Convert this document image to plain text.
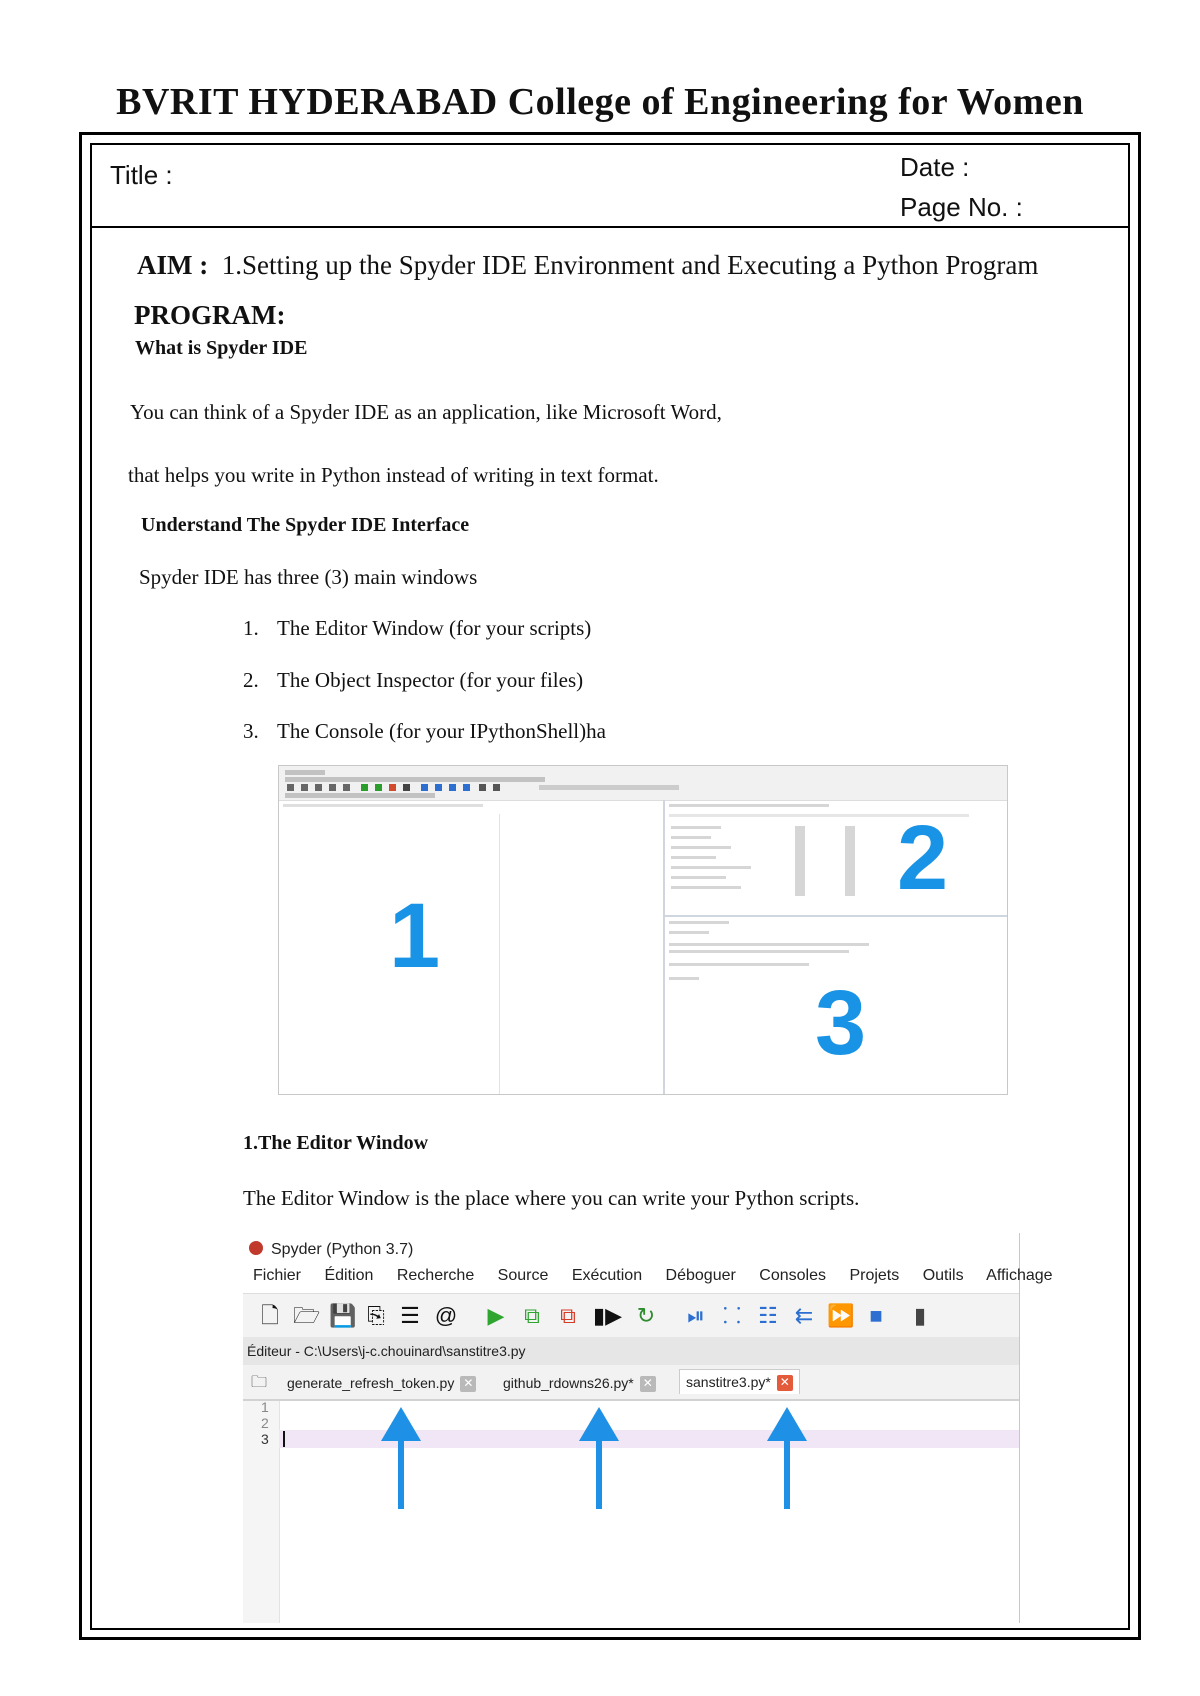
BVRIT HYDERABAD College of Engineering for Women
Title :	Date :
Page No. :
AIM : 1.Setting up the Spyder IDE Environment and Executing a Python Program
PROGRAM:
What is Spyder IDE
You can think of a Spyder IDE as an application, like Microsoft Word,
that helps you write in Python instead of writing in text format.
Understand The Spyder IDE Interface
Spyder IDE has three (3) main windows
1. The Editor Window (for your scripts)
2. The Object Inspector (for your files)
3. The Console (for your IPythonShell)ha
1
2
3
1.The Editor Window
The Editor Window is the place where you can write your Python scripts.
Spyder (Python 3.7)
Fichier Édition Recherche Source Exécution Déboguer Consoles Projets Outils Affichage
🗋 🗁 💾 ⎘ ☰ @ ▶ ⧉ ⧉ ▮▶ ↻ ⏯ ⸬ ☷ ⇇ ⏩ ■	▮
Éditeur - C:\Users\j-c.chouinard\sanstitre3.py
🗀 generate_refresh_token.py ✕ github_rdowns26.py* ✕	sanstitre3.py* ✕
1
2
3
